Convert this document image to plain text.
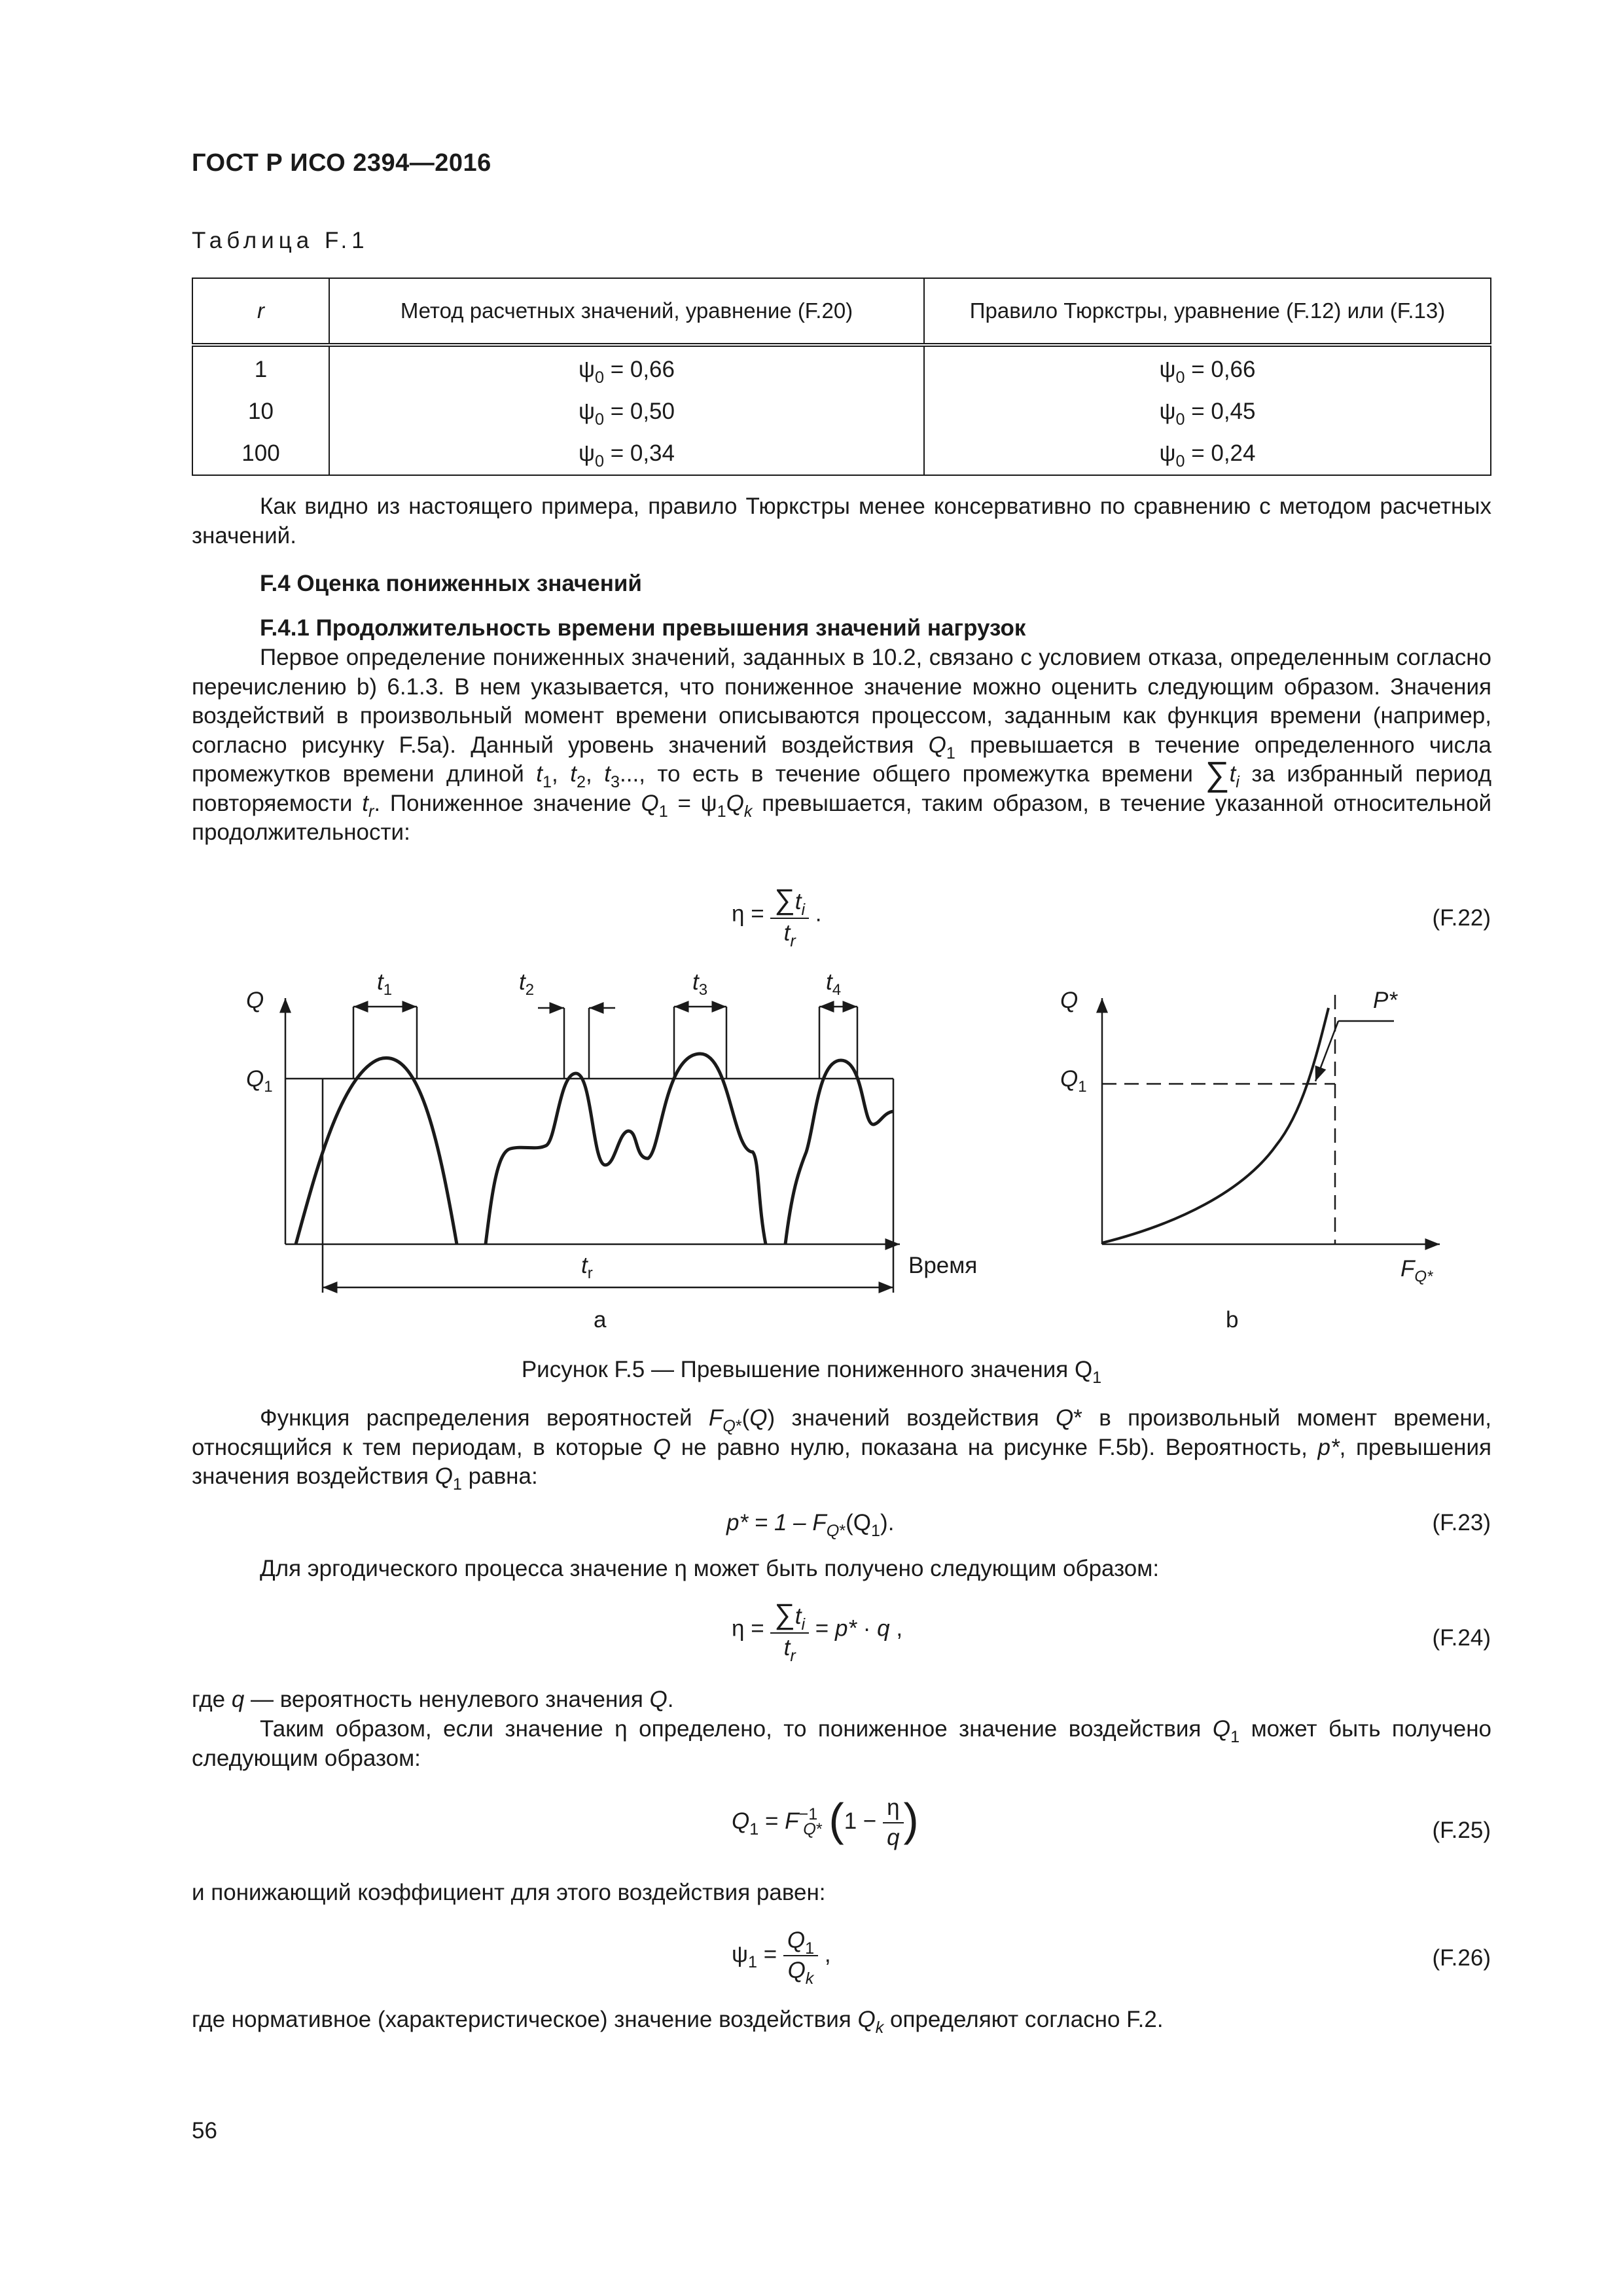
ГОСТ Р ИСО 2394—2016
Таблица F.1
r	Метод расчетных значений, уравнение (F.20)	Правило Тюркстры, уравнение (F.12) или (F.13)
1	$\psi_0 = 0,66$	$\psi_0 = 0,66$
10	$\psi_0 = 0,50$	$\psi_0 = 0,45$
100	$\psi_0 = 0,34$	$\psi_0 = 0,24$
Как видно из настоящего примера, правило Тюркстры менее консервативно по сравнению с методом расчетных значений.
F.4 Оценка пониженных значений
F.4.1 Продолжительность времени превышения значений нагрузок
Первое определение пониженных значений, заданных в 10.2, связано с условием отказа, определенным согласно перечислению b) 6.1.3. В нем указывается, что пониженное значение можно оценить следующим образом. Значения воздействий в произвольный момент времени описываются процессом, заданным как функция времени (например, согласно рисунку F.5a). Данный уровень значений воздействия $Q_1$ превышается в течение определенного числа промежутков времени длиной $t_1$, $t_2$, $t_3$..., то есть в течение общего промежутка времени $\sum t_i$ за избранный период повторяемости $t_r$. Пониженное значение $Q_1 = \psi_1Q_k$ превышается, таким образом, в течение указанной относительной продолжительности:
$\eta = \frac{\sum t_i}{t_r}$ .	(F.22)
Q
$Q_1$
$t_1$	$t_2$	$t_3$	$t_4$
$t_r$	Время
a
Q
$Q_1$
P*
$F_{Q*}$
b
Рисунок F.5 — Превышение пониженного значения $Q_1$
Функция распределения вероятностей $F_{Q*}(Q)$ значений воздействия Q* в произвольный момент времени, относящийся к тем периодам, в которые Q не равно нулю, показана на рисунке F.5b). Вероятность, p*, превышения значения воздействия $Q_1$ равна:
$p* = 1 - F_{Q*}(Q_1)$.	(F.23)
Для эргодического процесса значение η может быть получено следующим образом:
$\eta = \frac{\sum t_i}{t_r} = p* \cdot q$ ,	(F.24)
где q — вероятность ненулевого значения Q.
Таким образом, если значение η определено, то пониженное значение воздействия $Q_1$ может быть получено следующим образом:
$Q_1 = F^{-1}_{Q*}$ ($1 - \frac{\eta}{q}$ )	(F.25)
и понижающий коэффициент для этого воздействия равен:
$\psi_1 = \frac{Q_1}{Q_k}$ ,	(F.26)
где нормативное (характеристическое) значение воздействия $Q_k$ определяют согласно F.2.
56
